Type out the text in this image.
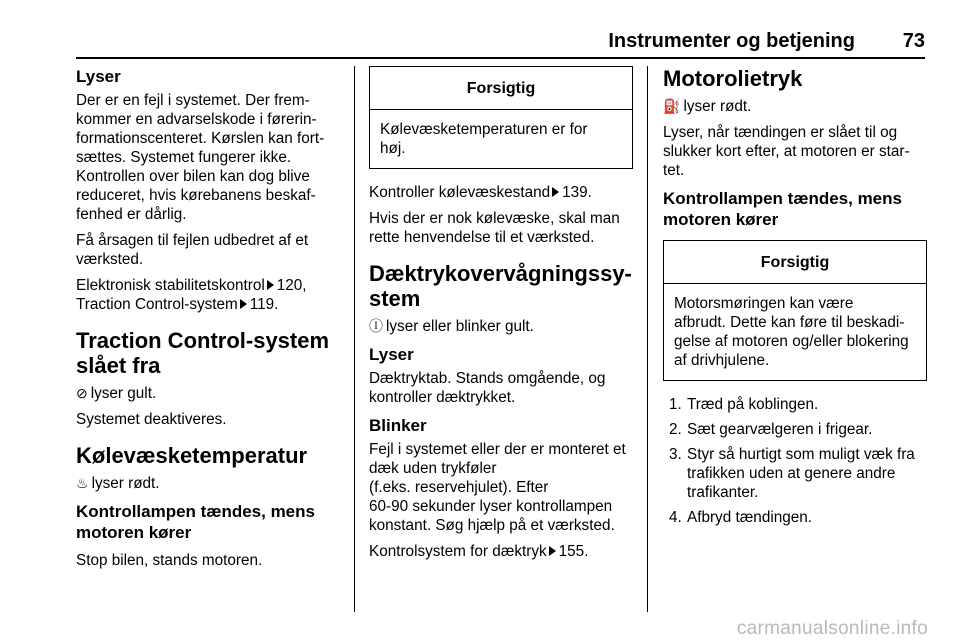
Instrumenter og betjening 73
Lyser

Der er en fejl i systemet. Der frem-
kommer en advarselskode i førerin-
formationscenteret. Kørslen kan fort-
sættes. Systemet fungerer ikke.
Kontrollen over bilen kan dog blive
reduceret, hvis kørebanens beskaf-
fenhed er dårlig.

Få årsagen til fejlen udbedret af et
værksted.

Elektronisk stabilitetskontrol 120,
Traction Control-system 119.

Traction Control-system
slået fra

⊘ lyser gult.

Systemet deaktiveres.

Kølevæsketemperatur

♨ lyser rødt.

Kontrollampen tændes, mens
motoren kører

Stop bilen, stands motoren.

Forsigtig
Kølevæsketemperaturen er for
høj.

Kontroller kølevæskestand 139.

Hvis der er nok kølevæske, skal man
rette henvendelse til et værksted.

Dæktrykovervågningssy-
stem

Ⓘ lyser eller blinker gult.

Lyser

Dæktryktab. Stands omgående, og
kontroller dæktrykket.

Blinker

Fejl i systemet eller der er monteret et
dæk uden trykføler
(f.eks. reservehjulet). Efter
60-90 sekunder lyser kontrollampen
konstant. Søg hjælp på et værksted.

Kontrolsystem for dæktryk 155.

Motorolietryk

⛽ lyser rødt.

Lyser, når tændingen er slået til og
slukker kort efter, at motoren er star-
tet.

Kontrollampen tændes, mens
motoren kører
Forsigtig
Motorsmøringen kan være
afbrudt. Dette kan føre til beskadi-
gelse af motoren og/eller blokering
af drivhjulene.
1. Træd på koblingen.
2. Sæt gearvælgeren i frigear.
3. Styr så hurtigt som muligt væk fra
trafikken uden at genere andre
trafikanter.
4. Afbryd tændingen.
carmanualsonline.info
